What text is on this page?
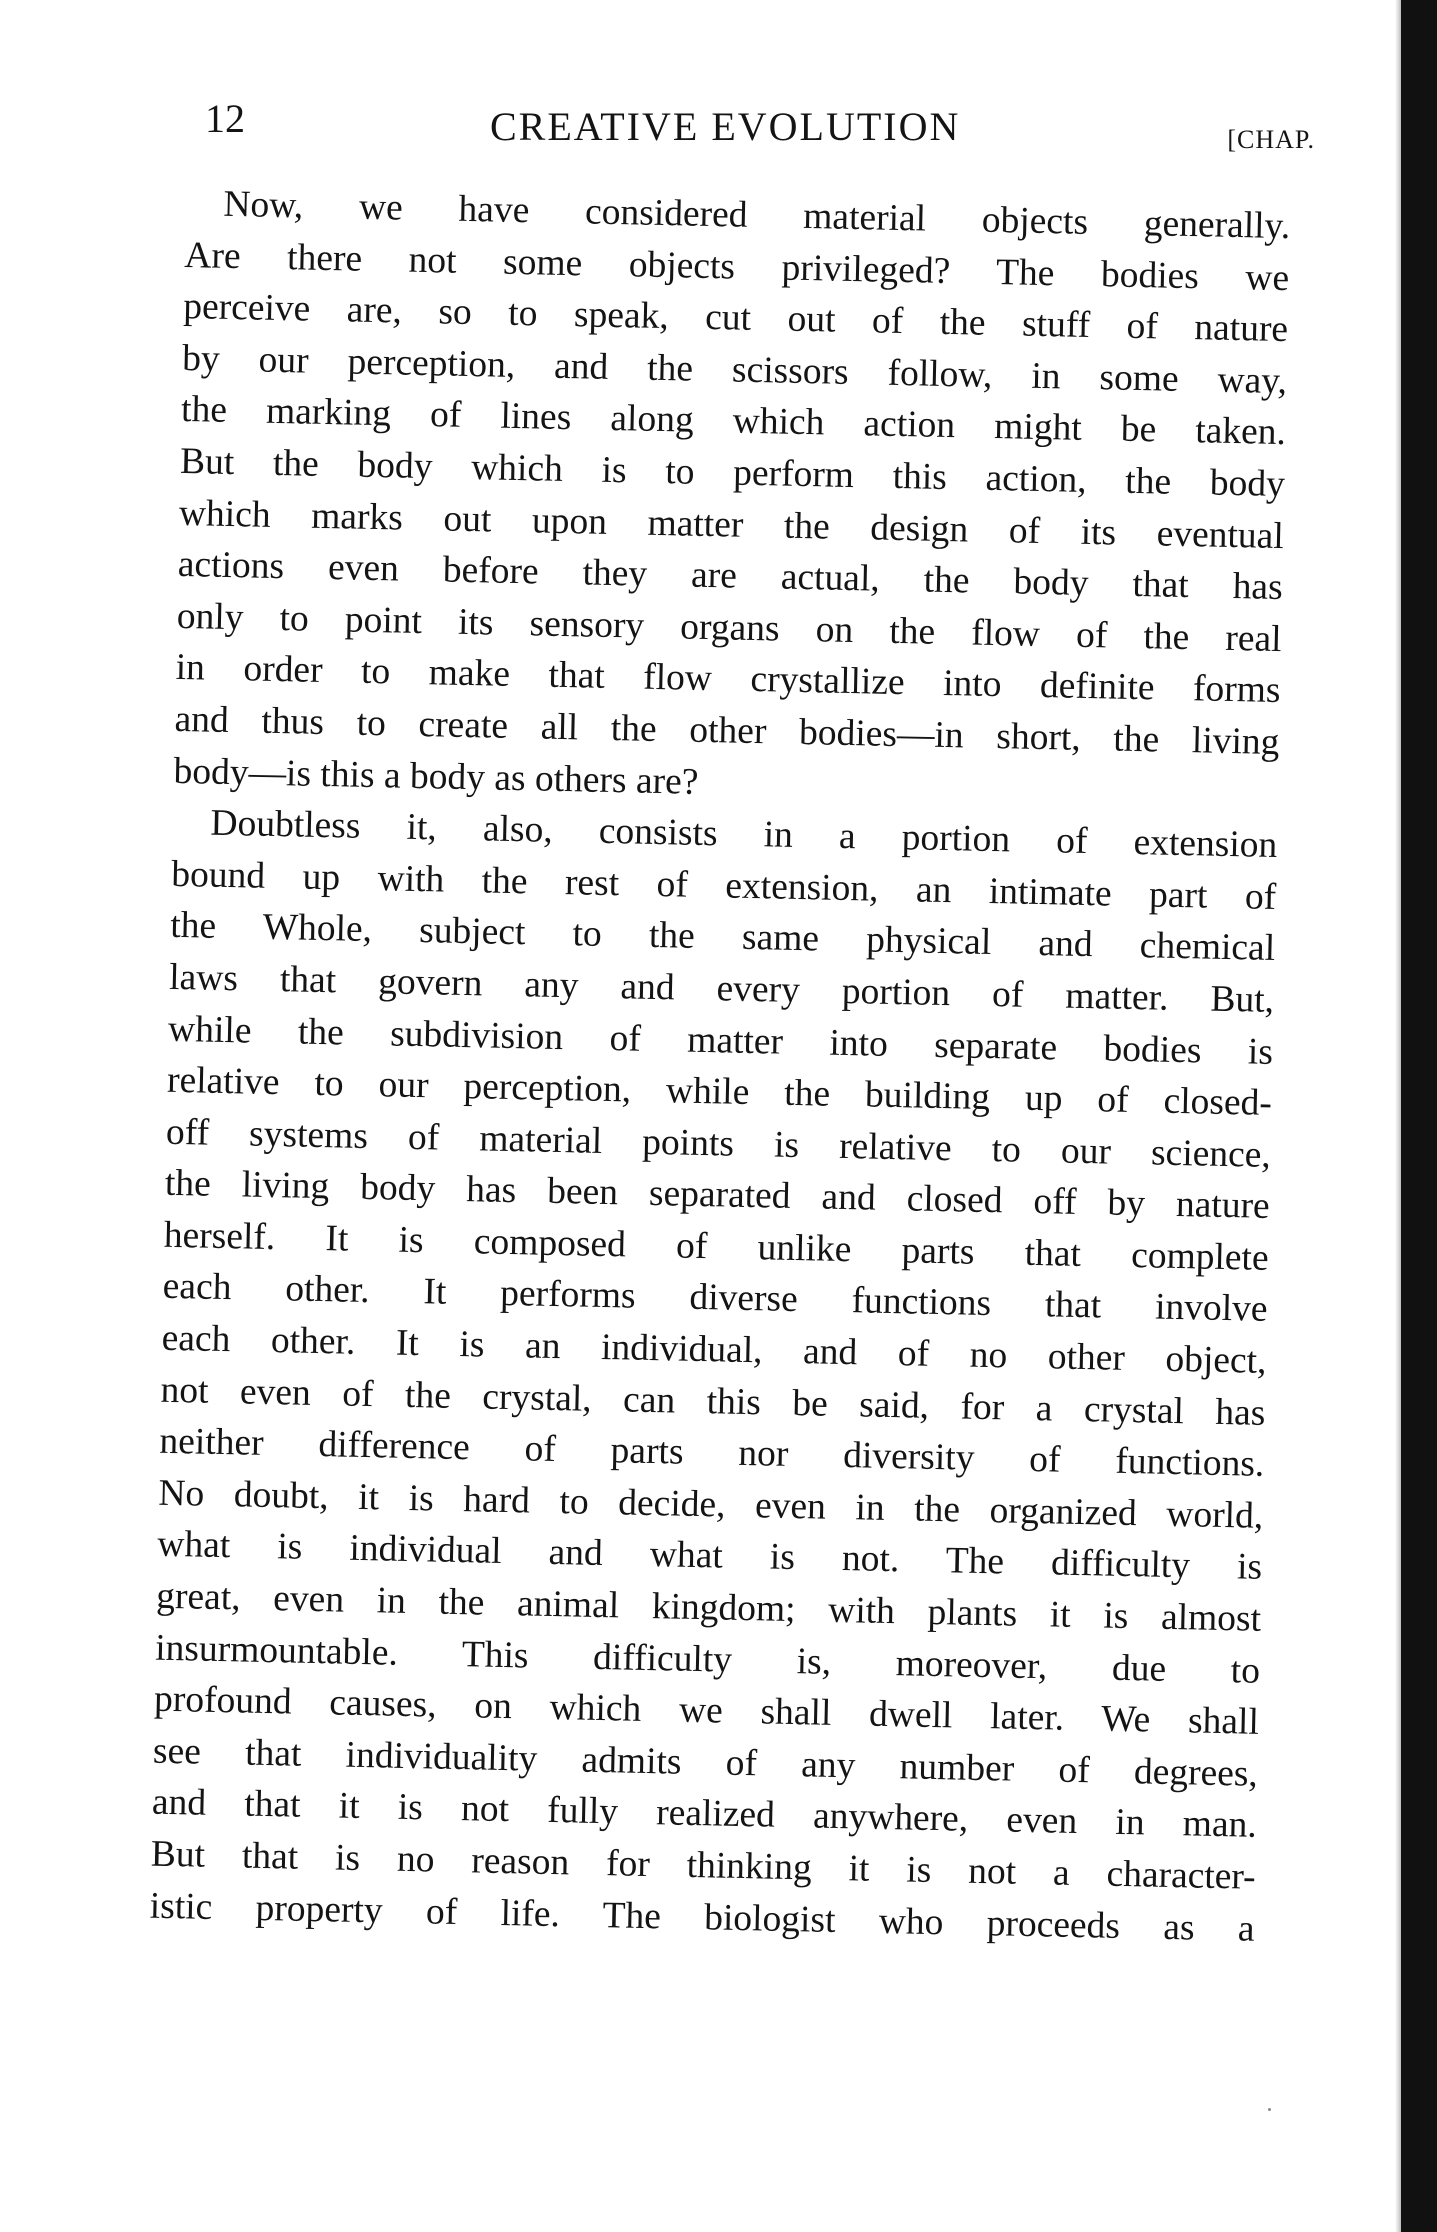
12	CREATIVE EVOLUTION	[CHAP.
Now, we have considered material objects generally.
Are there not some objects privileged? The bodies we
perceive are, so to speak, cut out of the stuff of nature
by our perception, and the scissors follow, in some way,
the marking of lines along which action might be taken.
But the body which is to perform this action, the body
which marks out upon matter the design of its eventual
actions even before they are actual, the body that has
only to point its sensory organs on the flow of the real
in order to make that flow crystallize into definite forms
and thus to create all the other bodies—in short, the living
body—is this a body as others are?
Doubtless it, also, consists in a portion of extension
bound up with the rest of extension, an intimate part of
the Whole, subject to the same physical and chemical
laws that govern any and every portion of matter. But,
while the subdivision of matter into separate bodies is
relative to our perception, while the building up of closed-
off systems of material points is relative to our science,
the living body has been separated and closed off by nature
herself. It is composed of unlike parts that complete
each other. It performs diverse functions that involve
each other. It is an individual, and of no other object,
not even of the crystal, can this be said, for a crystal has
neither difference of parts nor diversity of functions.
No doubt, it is hard to decide, even in the organized world,
what is individual and what is not. The difficulty is
great, even in the animal kingdom; with plants it is almost
insurmountable. This difficulty is, moreover, due to
profound causes, on which we shall dwell later. We shall
see that individuality admits of any number of degrees,
and that it is not fully realized anywhere, even in man.
But that is no reason for thinking it is not a character-
istic property of life. The biologist who proceeds as a
